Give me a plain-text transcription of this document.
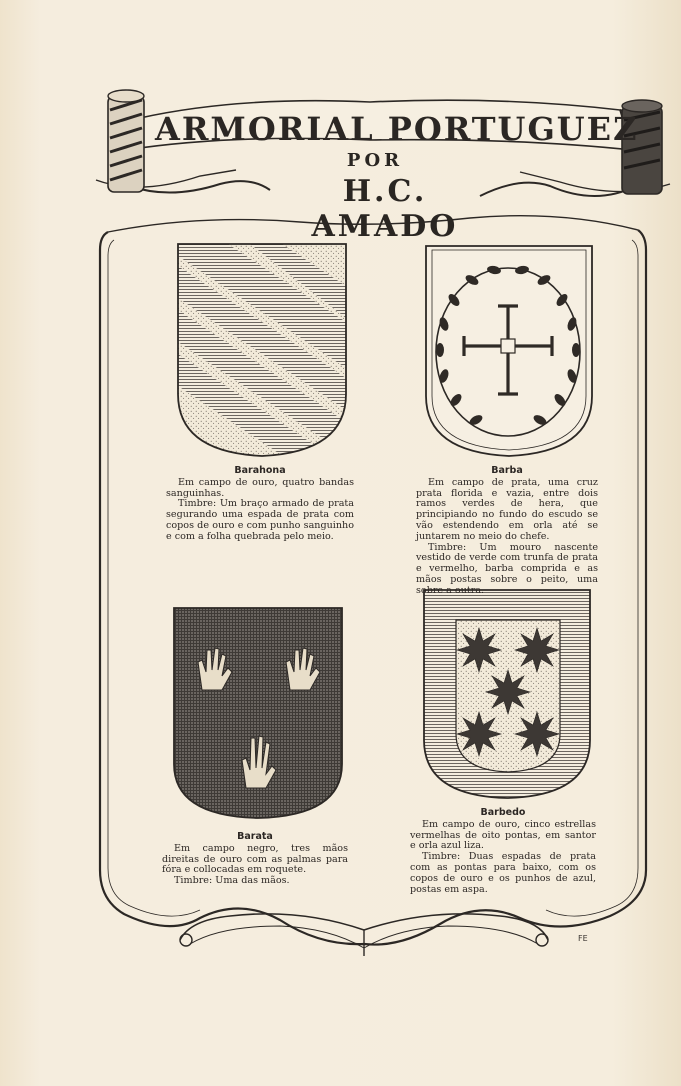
ARMORIAL PORTUGUEZ
POR
H.C. AMADO
Barahona
Em campo de ouro, quatro bandas sanguinhas.
Timbre: Um braço armado de prata segurando uma espada de prata com copos de ouro e com punho sanguinho e com a folha quebrada pelo meio.
Barba
Em campo de prata, uma cruz prata florida e vazia, entre dois ramos verdes de hera, que principiando no fundo do escudo se vão estendendo em orla até se juntarem no meio do chefe.
Timbre: Um mouro nascente vestido de verde com trunfa de prata e vermelho, barba comprida e as mãos postas sobre o peito, uma sobre a outra.
Barata
Em campo negro, tres mãos direitas de ouro com as palmas para fóra e collocadas em roquete.
Timbre: Uma das mãos.
Barbedo
Em campo de ouro, cinco estrellas vermelhas de oito pontas, em santor e orla azul liza.
Timbre: Duas espadas de prata com as pontas para baixo, com os copos de ouro e os punhos de azul, postas em aspa.
FE
